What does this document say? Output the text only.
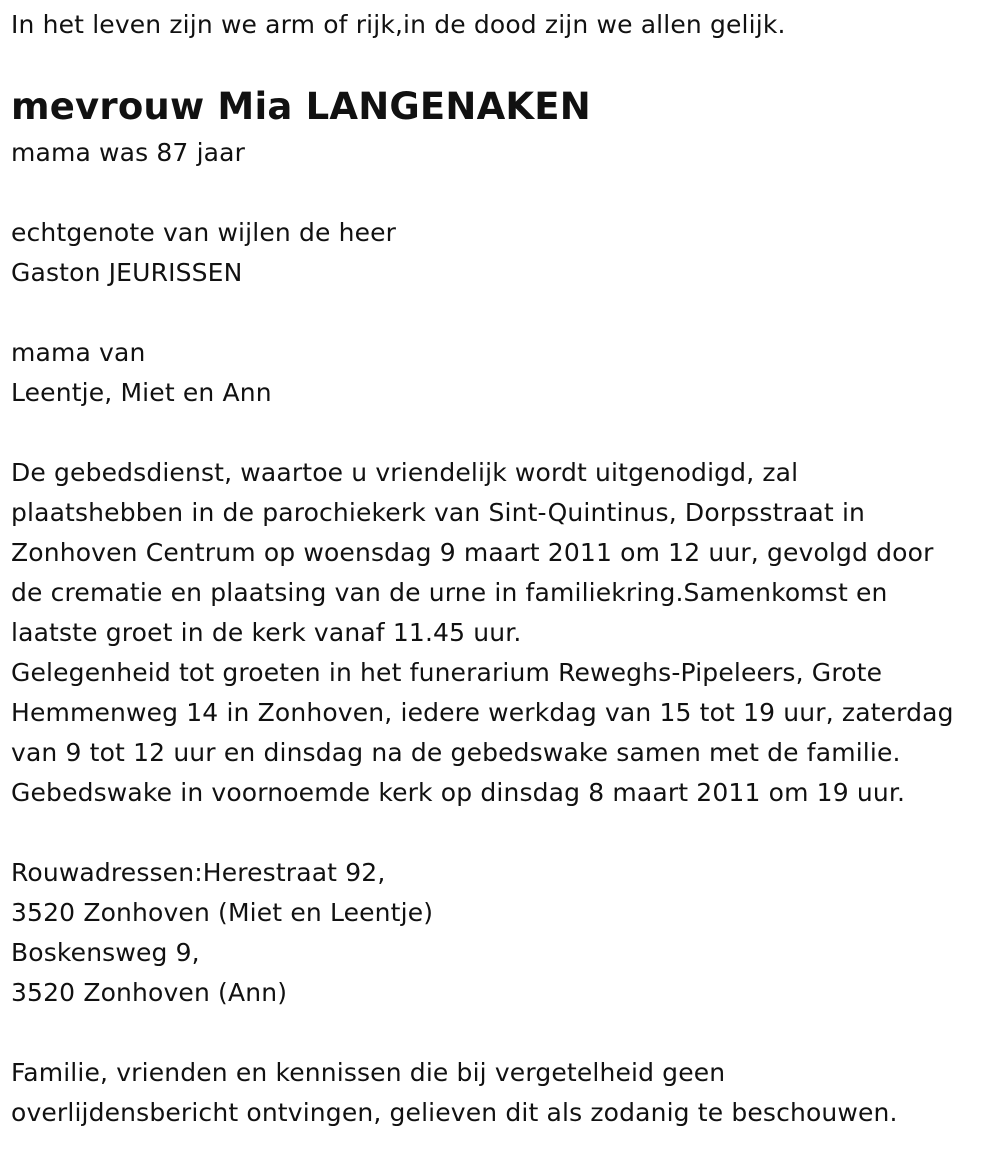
In het leven zijn we arm of rijk,in de dood zijn we allen gelijk.
mevrouw Mia LANGENAKEN
mama was 87 jaar
echtgenote van wijlen de heer
Gaston JEURISSEN
mama van
Leentje, Miet en Ann
De gebedsdienst, waartoe u vriendelijk wordt uitgenodigd, zal
plaatshebben in de parochiekerk van Sint-Quintinus, Dorpsstraat in
Zonhoven Centrum op woensdag 9 maart 2011 om 12 uur, gevolgd door
de crematie en plaatsing van de urne in familiekring.Samenkomst en
laatste groet in de kerk vanaf 11.45 uur.
Gelegenheid tot groeten in het funerarium Reweghs-Pipeleers, Grote
Hemmenweg 14 in Zonhoven, iedere werkdag van 15 tot 19 uur, zaterdag
van 9 tot 12 uur en dinsdag na de gebedswake samen met de familie.
Gebedswake in voornoemde kerk op dinsdag 8 maart 2011 om 19 uur.
Rouwadressen:Herestraat 92,
3520 Zonhoven (Miet en Leentje)
Boskensweg 9,
3520 Zonhoven (Ann)
Familie, vrienden en kennissen die bij vergetelheid geen
overlijdensbericht ontvingen, gelieven dit als zodanig te beschouwen.
